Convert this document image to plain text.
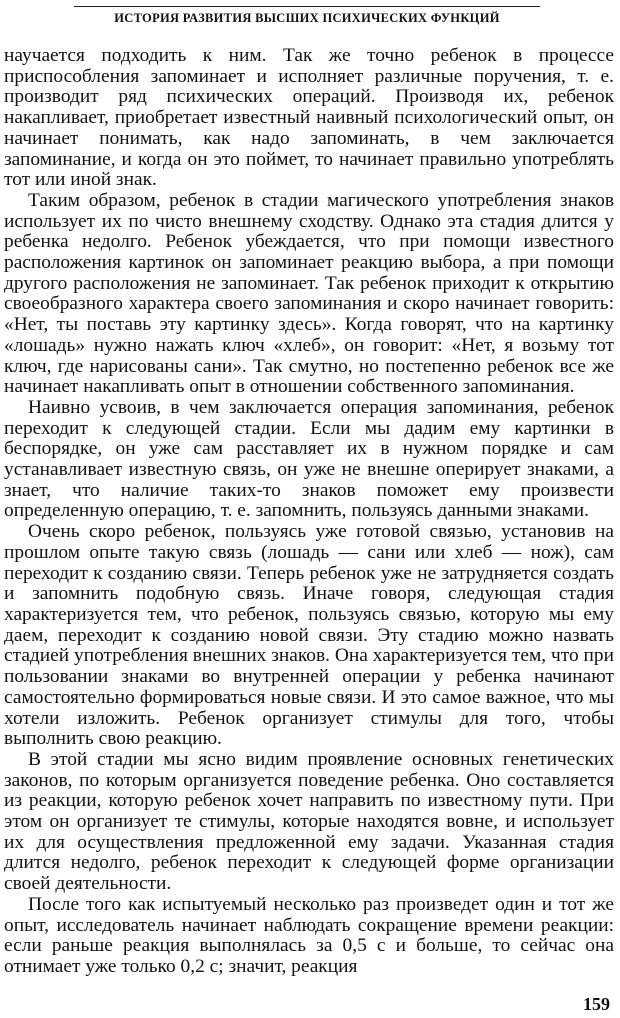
ИСТОРИЯ РАЗВИТИЯ ВЫСШИХ ПСИХИЧЕСКИХ ФУНКЦИЙ

научается подходить к ним. Так же точно ребенок в процессе приспособления запоминает и исполняет различные поручения, т. е. производит ряд психических операций. Производя их, ребенок накапливает, приобретает известный наивный психологический опыт, он начинает понимать, как надо запоминать, в чем заключается запоминание, и когда он это поймет, то начинает правильно употреблять тот или иной знак.

Таким образом, ребенок в стадии магического употребления знаков использует их по чисто внешнему сходству. Однако эта стадия длится у ребенка недолго. Ребенок убеждается, что при помощи известного расположения картинок он запоминает реакцию выбора, а при помощи другого расположения не запоминает. Так ребенок приходит к открытию своеобразного характера своего запоминания и скоро начинает говорить: «Нет, ты поставь эту картинку здесь». Когда говорят, что на картинку «лошадь» нужно нажать ключ «хлеб», он говорит: «Нет, я возьму тот ключ, где нарисованы сани». Так смутно, но постепенно ребенок все же начинает накапливать опыт в отношении собственного запоминания.

Наивно усвоив, в чем заключается операция запоминания, ребенок переходит к следующей стадии. Если мы дадим ему картинки в беспорядке, он уже сам расставляет их в нужном порядке и сам устанавливает известную связь, он уже не внешне оперирует знаками, а знает, что наличие таких-то знаков поможет ему произвести определенную операцию, т. е. запомнить, пользуясь данными знаками.

Очень скоро ребенок, пользуясь уже готовой связью, установив на прошлом опыте такую связь (лошадь — сани или хлеб — нож), сам переходит к созданию связи. Теперь ребенок уже не затрудняется создать и запомнить подобную связь. Иначе говоря, следующая стадия характеризуется тем, что ребенок, пользуясь связью, которую мы ему даем, переходит к созданию новой связи. Эту стадию можно назвать стадией употребления внешних знаков. Она характеризуется тем, что при пользовании знаками во внутренней операции у ребенка начинают самостоятельно формироваться новые связи. И это самое важное, что мы хотели изложить. Ребенок организует стимулы для того, чтобы выполнить свою реакцию.

В этой стадии мы ясно видим проявление основных генетических законов, по которым организуется поведение ребенка. Оно составляется из реакции, которую ребенок хочет направить по известному пути. При этом он организует те стимулы, которые находятся вовне, и использует их для осуществления предложенной ему задачи. Указанная стадия длится недолго, ребенок переходит к следующей форме организации своей деятельности.

После того как испытуемый несколько раз произведет один и тот же опыт, исследователь начинает наблюдать сокращение времени реакции: если раньше реакция выполнялась за 0,5 с и больше, то сейчас она отнимает уже только 0,2 с; значит, реакция

159
